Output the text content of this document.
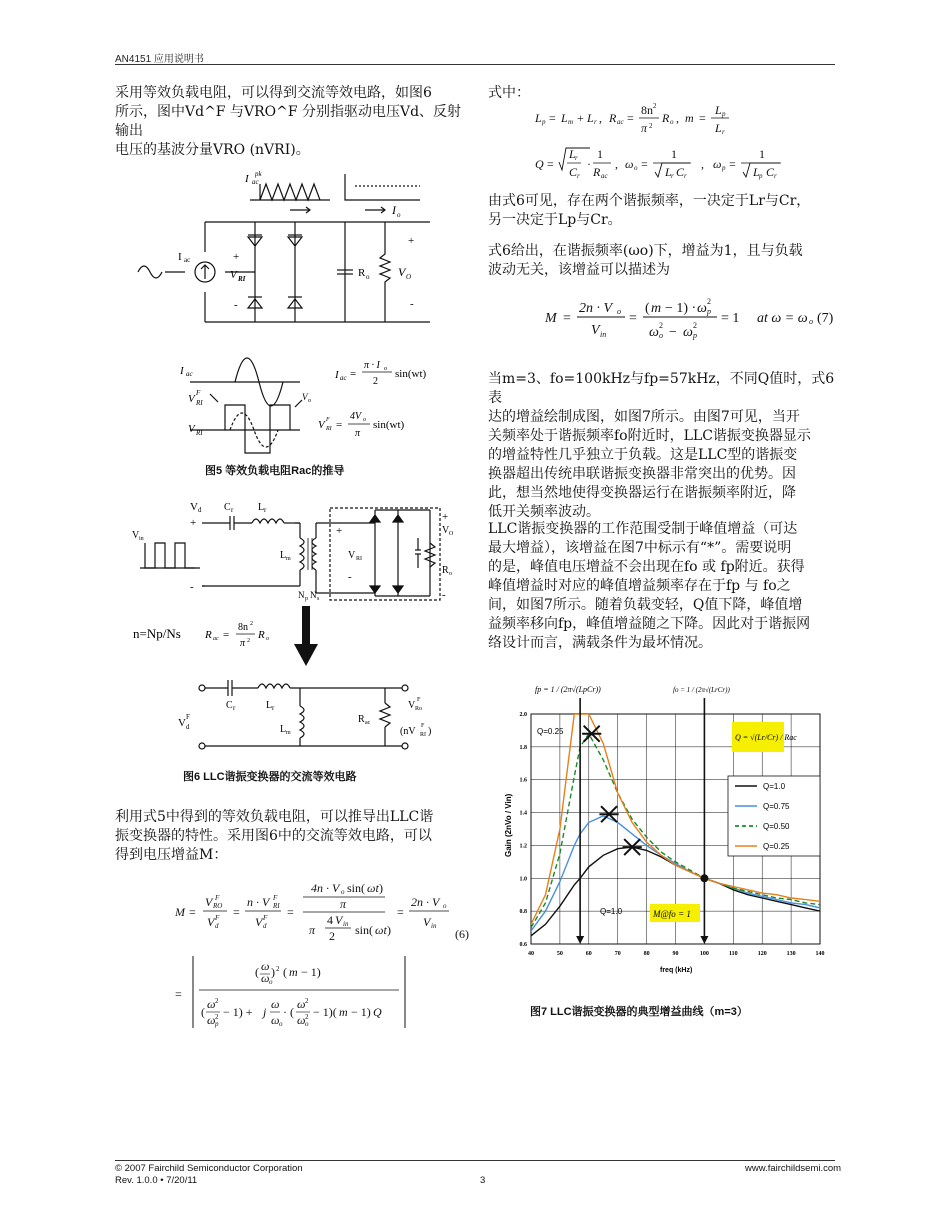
AN4151 应用说明书

采用等效负载电阻，可以得到交流等效电路，如图6

所示，图中Vd^F 与VRO^F 分别指驱动电压Vd、反射输出

电压的基波分量VRO (nVRI)。

I ac
pk
I o
I ac	+
V RI
-
R o V O
+
-
I ac
V RI
F
V RI
V o
I ac =
π · I o
2
sin(wt)
V RI
F =
4V o
π
sin(wt)
图5 等效负载电阻Rac的推导
V d
+
C r L r
V in
L m
+
V RI
-
-
N p N s
+
V O
R o
-
n=Np/Ns R ac =
8n 2
π 2 R o
C r	L r
V d
F
L m
R ac
V Ro
F
(nV RI
F )
图6 LLC谐振变换器的交流等效电路

利用式5中得到的等效负载电阻，可以推导出LLC谐

振变换器的特性。采用图6中的交流等效电路，可以

得到电压增益M：

M =
V RO
F
V d
F =
n · V RI
F
V d
F =
4n · V o sin( ωt )
π
4 V in
π 2 sin( ωt )
=
2n · V o
V in
(6)
=
( ω
ω o
) 2 ( m − 1)
(
ω 2
ω p
2 − 1) + j
ω
ω o
· (
ω 2
ω o
2 − 1)( m − 1) Q
式中：
L p = L m + L r , R ac =
8n 2
π 2
R o , m =
L p
L r
Q =
L r
C r
·
1
R ac
, ω o =
1
L r C r
, ω p =
1
L p C r

由式6可见，存在两个谐振频率，一决定于Lr与Cr，

另一决定于Lp与Cr。

式6给出，在谐振频率(ωo)下，增益为1，且与负载

波动无关，该增益可以描述为

M =
2n · V o
V in
=
( m − 1) · ω p
2
ω o
2 − ω p
2 = 1 at ω = ω o (7)

当m=3、fo=100kHz与fp=57kHz，不同Q值时，式6表

达的增益绘制成图，如图7所示。由图7可见，当开

关频率处于谐振频率fo附近时，LLC谐振变换器显示

的增益特性几乎独立于负载。这是LLC型的谐振变

换器超出传统串联谐振变换器非常突出的优势。因

此，想当然地使得变换器运行在谐振频率附近，降

低开关频率波动。

LLC谐振变换器的工作范围受制于峰值增益（可达

最大增益），该增益在图7中标示有“*”。需要说明

的是，峰值电压增益不会出现在fo 或 fp附近。获得

峰值增益时对应的峰值增益频率存在于fp 与 fo之

间，如图7所示。随着负载变轻，Q值下降，峰值增

益频率移向fp，峰值增益随之下降。因此对于谐振网

络设计而言，满载条件为最坏情况。

40	50	60	70	80	90	100	110	120	130	140
0.6
0.8
1.0
1.2
1.4
1.6
1.8
2.0
Q=1.0
Q=0.75
Q=0.50
Q=0.25
Q = √(Lr/Cr) / Rac
M@fo = 1
Q=0.25
Q=1.0
fp = 1 / (2π√(LpCr))	fo = 1 / (2π√(LrCr))
Gain (2nVo / Vin)
freq (kHz)
图7 LLC谐振变换器的典型增益曲线（m=3）
© 2007 Fairchild Semiconductor Corporation
Rev. 1.0.0 • 7/20/11	3
www.fairchildsemi.com
